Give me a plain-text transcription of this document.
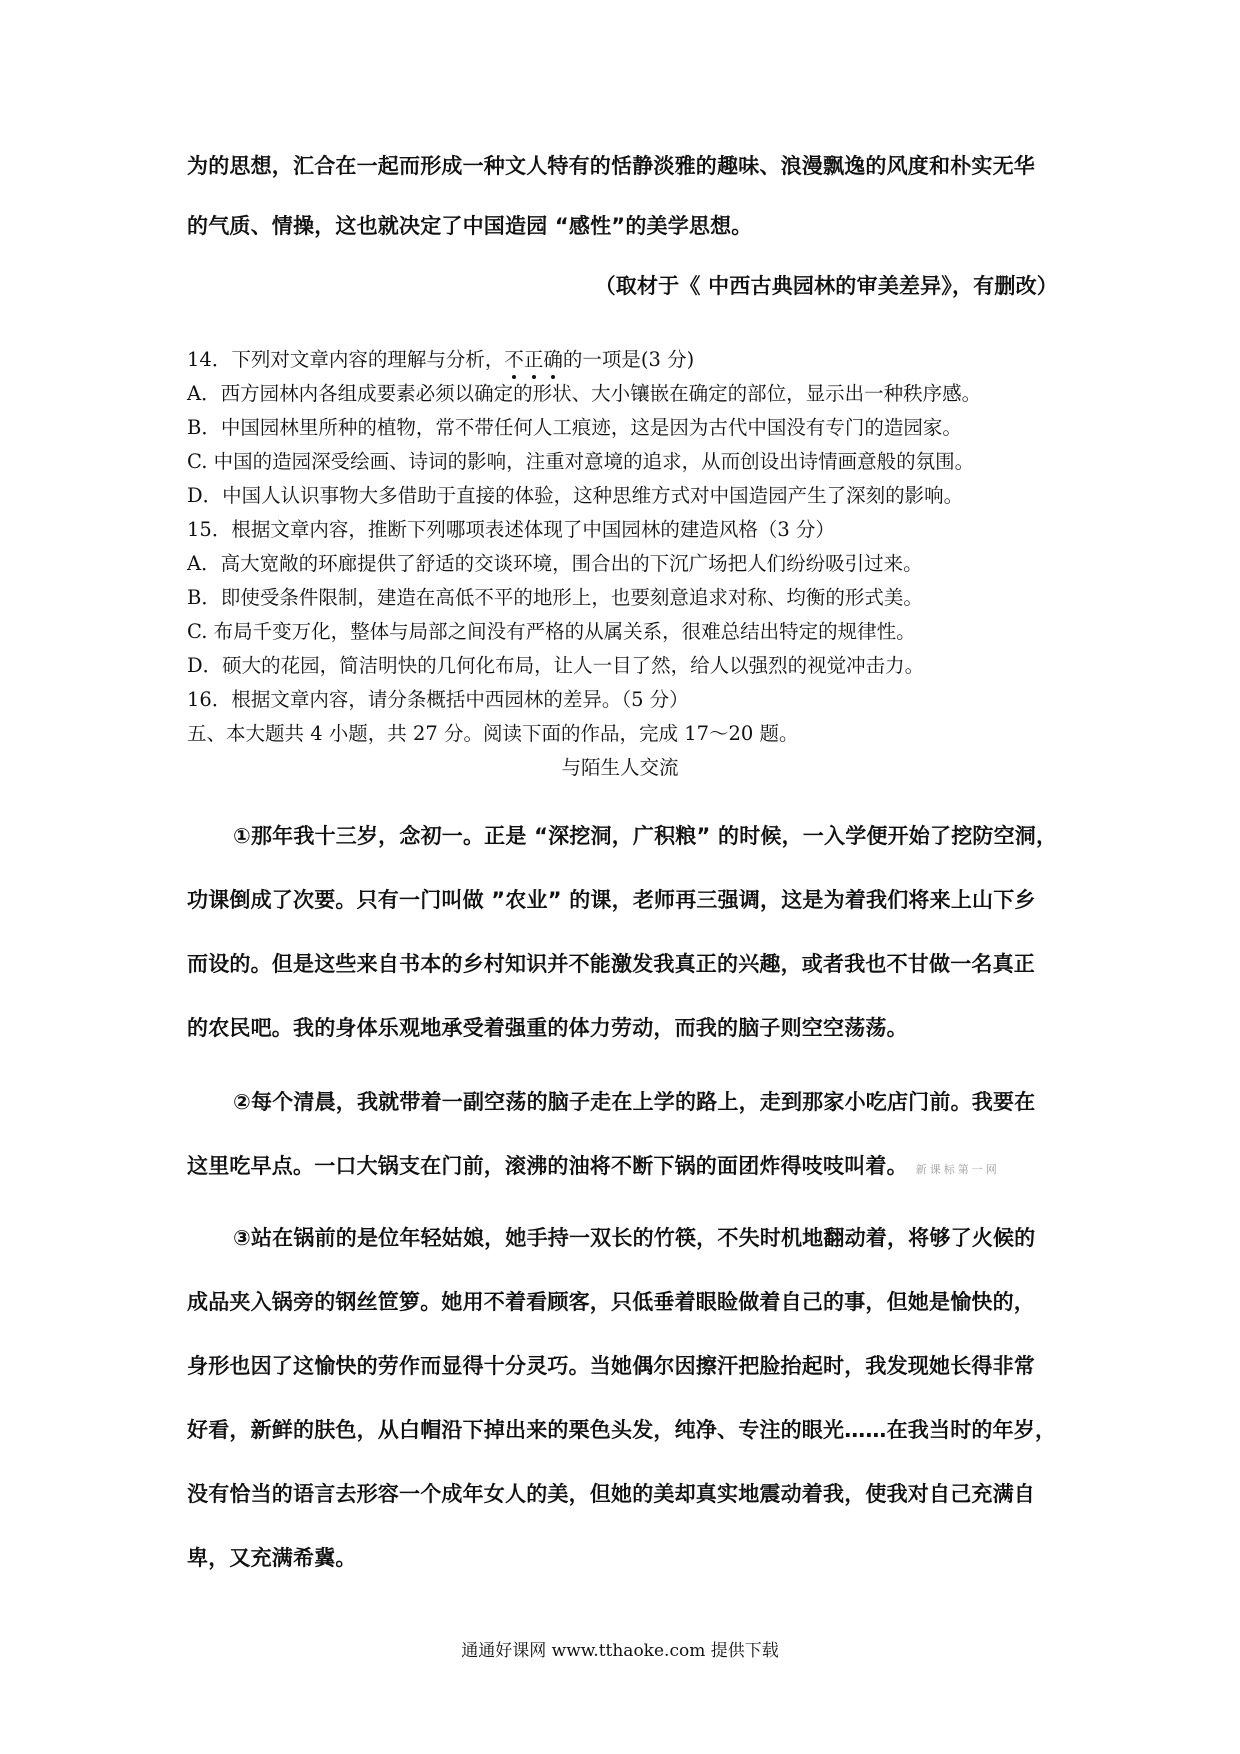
为的思想，汇合在一起而形成一种文人特有的恬静淡雅的趣味、浪漫飘逸的风度和朴实无华
的气质、情操，这也就决定了中国造园 “感性”的美学思想。
（取材于《 中西古典园林的审美差异》，有删改）
14．下列对文章内容的理解与分析，不正确的一项是(3 分)
A．西方园林内各组成要素必须以确定的形状、大小镶嵌在确定的部位，显示出一种秩序感。
B．中国园林里所种的植物，常不带任何人工痕迹，这是因为古代中国没有专门的造园家。
C. 中国的造园深受绘画、诗词的影响，注重对意境的追求，从而创设出诗情画意般的氛围。
D．中国人认识事物大多借助于直接的体验，这种思维方式对中国造园产生了深刻的影响。
15．根据文章内容，推断下列哪项表述体现了中国园林的建造风格（3 分）
A．高大宽敞的环廊提供了舒适的交谈环境，围合出的下沉广场把人们纷纷吸引过来。
B．即使受条件限制，建造在高低不平的地形上，也要刻意追求对称、均衡的形式美。
C. 布局千变万化，整体与局部之间没有严格的从属关系，很难总结出特定的规律性。
D．硕大的花园，简洁明快的几何化布局，让人一目了然，给人以强烈的视觉冲击力。
16．根据文章内容，请分条概括中西园林的差异。（5 分）
五、本大题共 4 小题，共 27 分。阅读下面的作品，完成 17～20 题。
与陌生人交流
①那年我十三岁，念初一。正是 “深挖洞，广积粮” 的时候，一入学便开始了挖防空洞，
功课倒成了次要。只有一门叫做 ”农业” 的课，老师再三强调，这是为着我们将来上山下乡
而设的。但是这些来自书本的乡村知识并不能激发我真正的兴趣，或者我也不甘做一名真正
的农民吧。我的身体乐观地承受着强重的体力劳动，而我的脑子则空空荡荡。
②每个清晨，我就带着一副空荡的脑子走在上学的路上，走到那家小吃店门前。我要在
这里吃早点。一口大锅支在门前，滚沸的油将不断下锅的面团炸得吱吱叫着。 新课标第一网
③站在锅前的是位年轻姑娘，她手持一双长的竹筷，不失时机地翻动着，将够了火候的
成品夹入锅旁的钢丝笸箩。她用不着看顾客，只低垂着眼睑做着自己的事，但她是愉快的，
身形也因了这愉快的劳作而显得十分灵巧。当她偶尔因擦汗把脸抬起时，我发现她长得非常
好看，新鲜的肤色，从白帽沿下掉出来的栗色头发，纯净、专注的眼光……在我当时的年岁，
没有恰当的语言去形容一个成年女人的美，但她的美却真实地震动着我，使我对自己充满自
卑，又充满希冀。
通通好课网 www.tthaoke.com 提供下载
